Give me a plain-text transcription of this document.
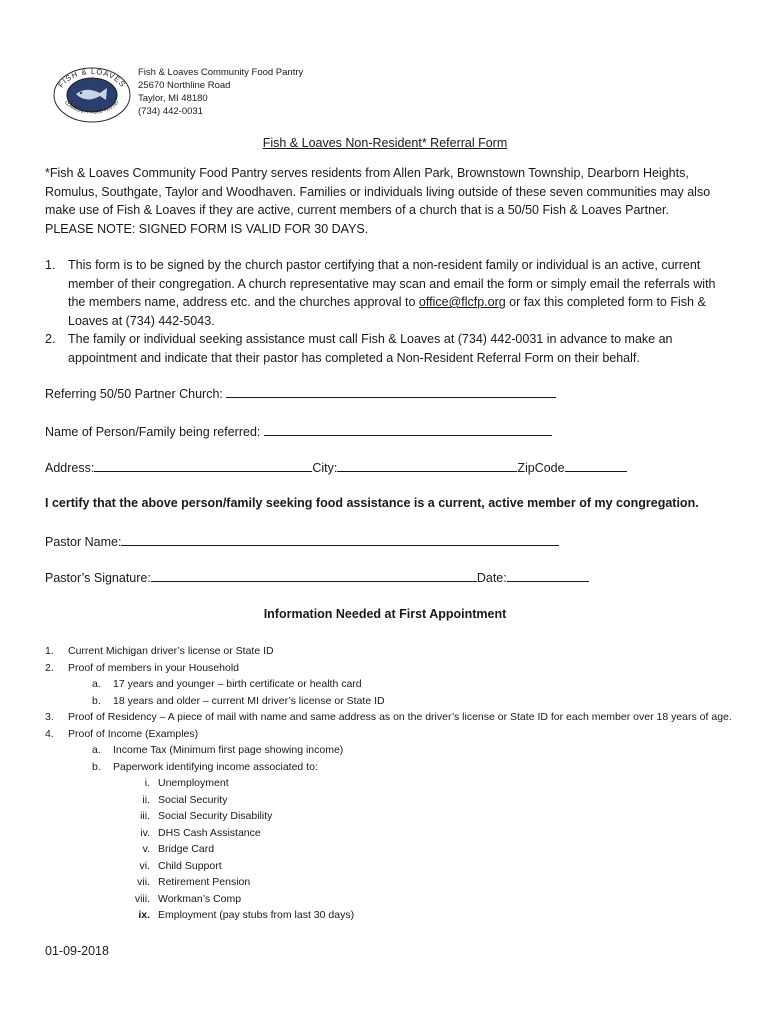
FISH & LOAVES
COMMUNITY FOOD PANTRY
Fish & Loaves Community Food Pantry
25670 Northline Road
Taylor, MI 48180
(734) 442-0031
Fish & Loaves Non-Resident* Referral Form

*Fish & Loaves Community Food Pantry serves residents from Allen Park, Brownstown Township, Dearborn Heights, Romulus, Southgate, Taylor and Woodhaven. Families or individuals living outside of these seven communities may also make use of Fish & Loaves if they are active, current members of a church that is a 50/50 Fish & Loaves Partner.

PLEASE NOTE: SIGNED FORM IS VALID FOR 30 DAYS.

1. This form is to be signed by the church pastor certifying that a non-resident family or individual is an active, current member of their congregation. A church representative may scan and email the form or simply email the referrals with the members name, address etc. and the churches approval to office@flcfp.org or fax this completed form to Fish & Loaves at (734) 442-5043.
2. The family or individual seeking assistance must call Fish & Loaves at (734) 442-0031 in advance to make an appointment and indicate that their pastor has completed a Non-Resident Referral Form on their behalf.
Referring 50/50 Partner Church:
Name of Person/Family being referred:
Address:	City:	ZipCode
I certify that the above person/family seeking food assistance is a current, active member of my congregation.
Pastor Name:
Pastor’s Signature:	Date:
Information Needed at First Appointment
1. Current Michigan driver’s license or State ID
2. Proof of members in your Household
a. 17 years and younger – birth certificate or health card
b. 18 years and older – current MI driver’s license or State ID
3. Proof of Residency – A piece of mail with name and same address as on the driver’s license or State ID for each member over 18 years of age.
4. Proof of Income (Examples)
a. Income Tax (Minimum first page showing income)
b. Paperwork identifying income associated to:
i. Unemployment
ii. Social Security
iii. Social Security Disability
iv. DHS Cash Assistance
v. Bridge Card
vi. Child Support
vii. Retirement Pension
viii. Workman’s Comp
ix. Employment (pay stubs from last 30 days)
01-09-2018
